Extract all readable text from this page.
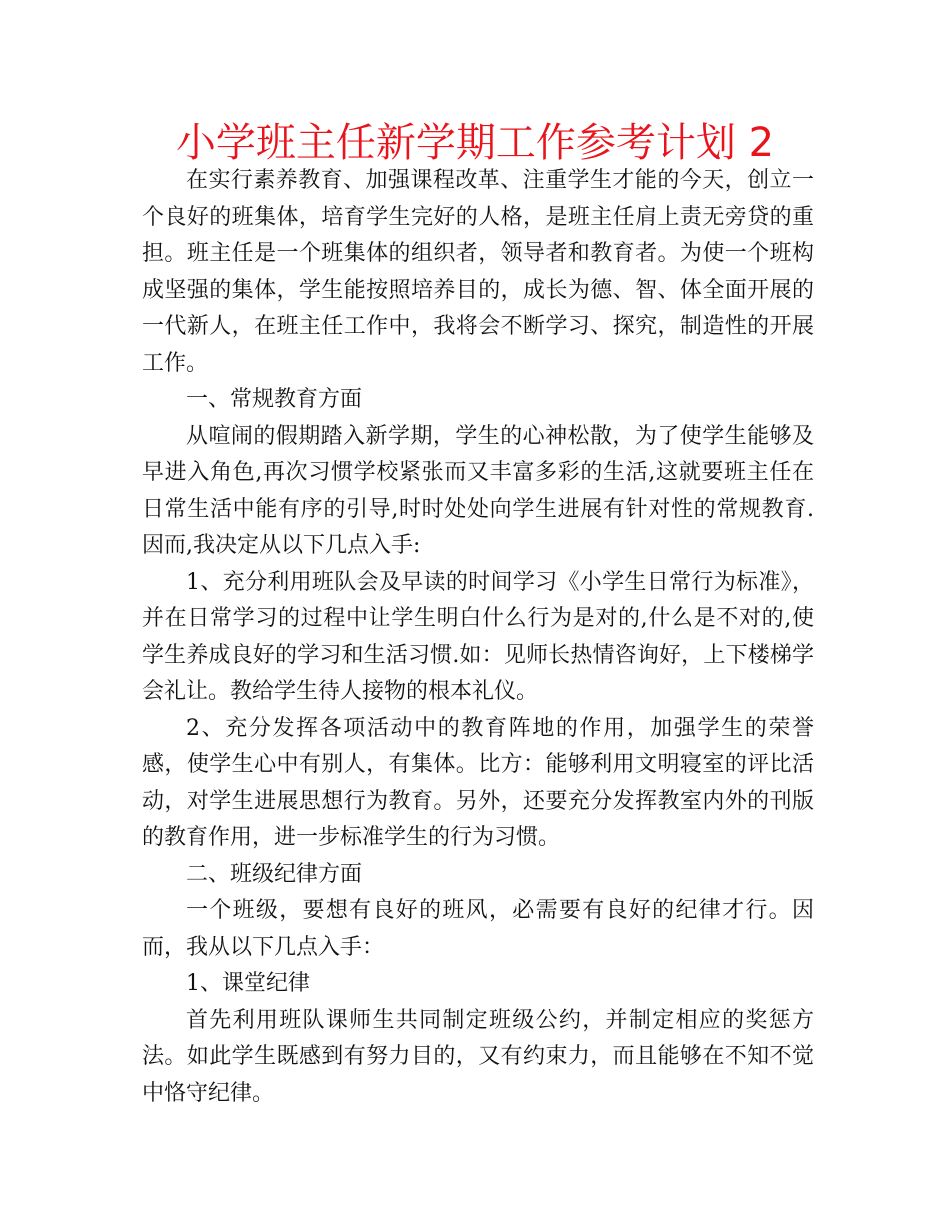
小学班主任新学期工作参考计划 2

在实行素养教育、加强课程改革、注重学生才能的今天，创立一个良好的班集体，培育学生完好的人格，是班主任肩上责无旁贷的重担。班主任是一个班集体的组织者，领导者和教育者。为使一个班构成坚强的集体，学生能按照培养目的，成长为德、智、体全面开展的一代新人，在班主任工作中，我将会不断学习、探究，制造性的开展工作。

一、常规教育方面

从喧闹的假期踏入新学期，学生的心神松散，为了使学生能够及早进入角色,再次习惯学校紧张而又丰富多彩的生活,这就要班主任在日常生活中能有序的引导,时时处处向学生进展有针对性的常规教育.因而,我决定从以下几点入手:

1、充分利用班队会及早读的时间学习《小学生日常行为标准》，并在日常学习的过程中让学生明白什么行为是对的,什么是不对的,使学生养成良好的学习和生活习惯.如：见师长热情咨询好，上下楼梯学会礼让。教给学生待人接物的根本礼仪。

2、充分发挥各项活动中的教育阵地的作用，加强学生的荣誉感，使学生心中有别人，有集体。比方：能够利用文明寝室的评比活动，对学生进展思想行为教育。另外，还要充分发挥教室内外的刊版的教育作用，进一步标准学生的行为习惯。

二、班级纪律方面

一个班级，要想有良好的班风，必需要有良好的纪律才行。因而，我从以下几点入手：

1、课堂纪律

首先利用班队课师生共同制定班级公约，并制定相应的奖惩方法。如此学生既感到有努力目的，又有约束力，而且能够在不知不觉中恪守纪律。
